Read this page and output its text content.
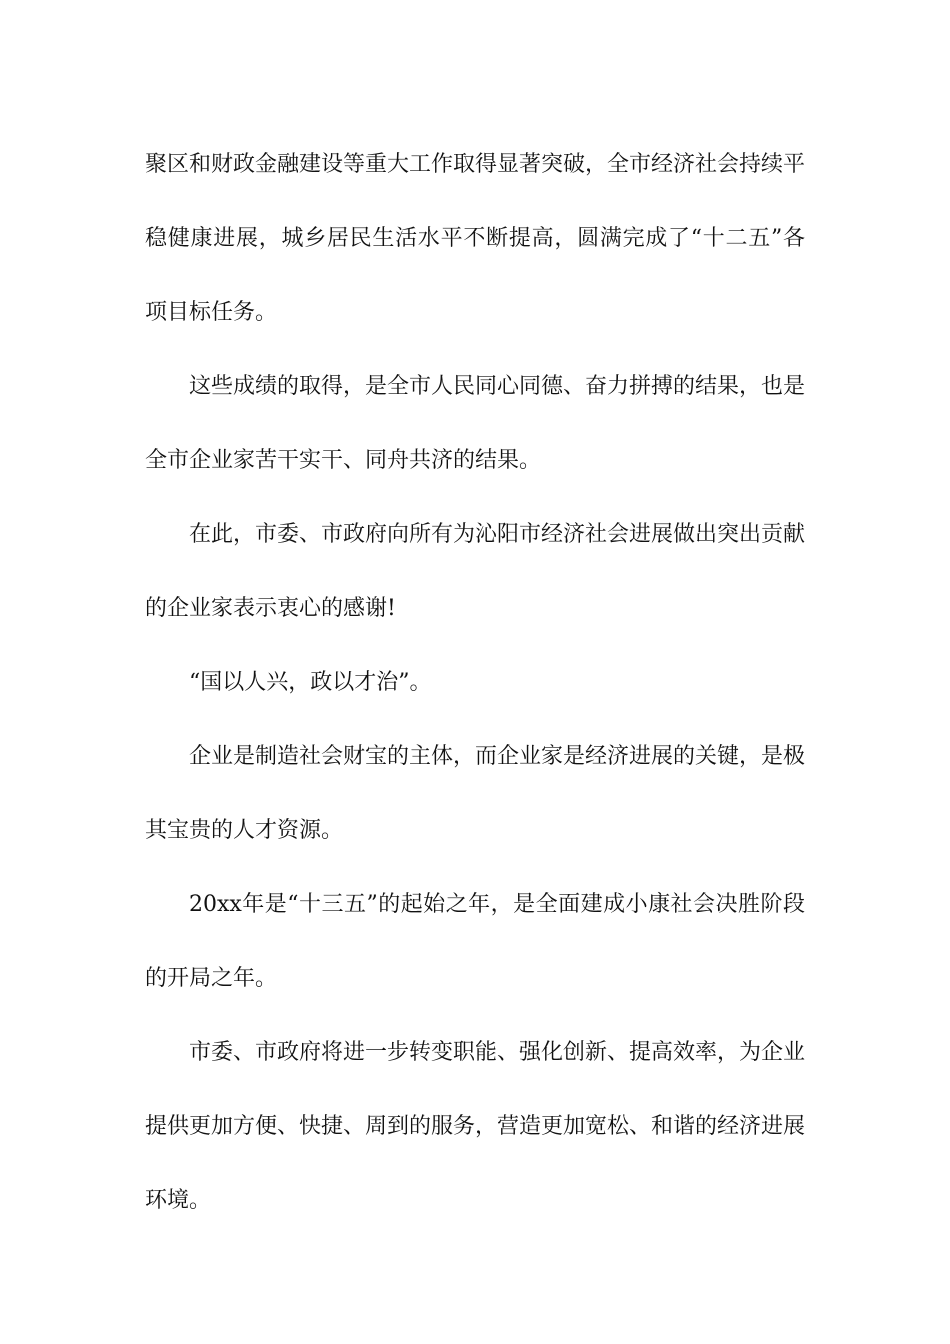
聚区和财政金融建设等重大工作取得显著突破，全市经济社会持续平稳健康进展，城乡居民生活水平不断提高，圆满完成了“十二五”各项目标任务。

这些成绩的取得，是全市人民同心同德、奋力拼搏的结果，也是全市企业家苦干实干、同舟共济的结果。

在此，市委、市政府向所有为沁阳市经济社会进展做出突出贡献的企业家表示衷心的感谢!

“国以人兴，政以才治”。

企业是制造社会财宝的主体，而企业家是经济进展的关键，是极其宝贵的人才资源。

20xx年是“十三五”的起始之年，是全面建成小康社会决胜阶段的开局之年。

市委、市政府将进一步转变职能、强化创新、提高效率，为企业提供更加方便、快捷、周到的服务，营造更加宽松、和谐的经济进展环境。
